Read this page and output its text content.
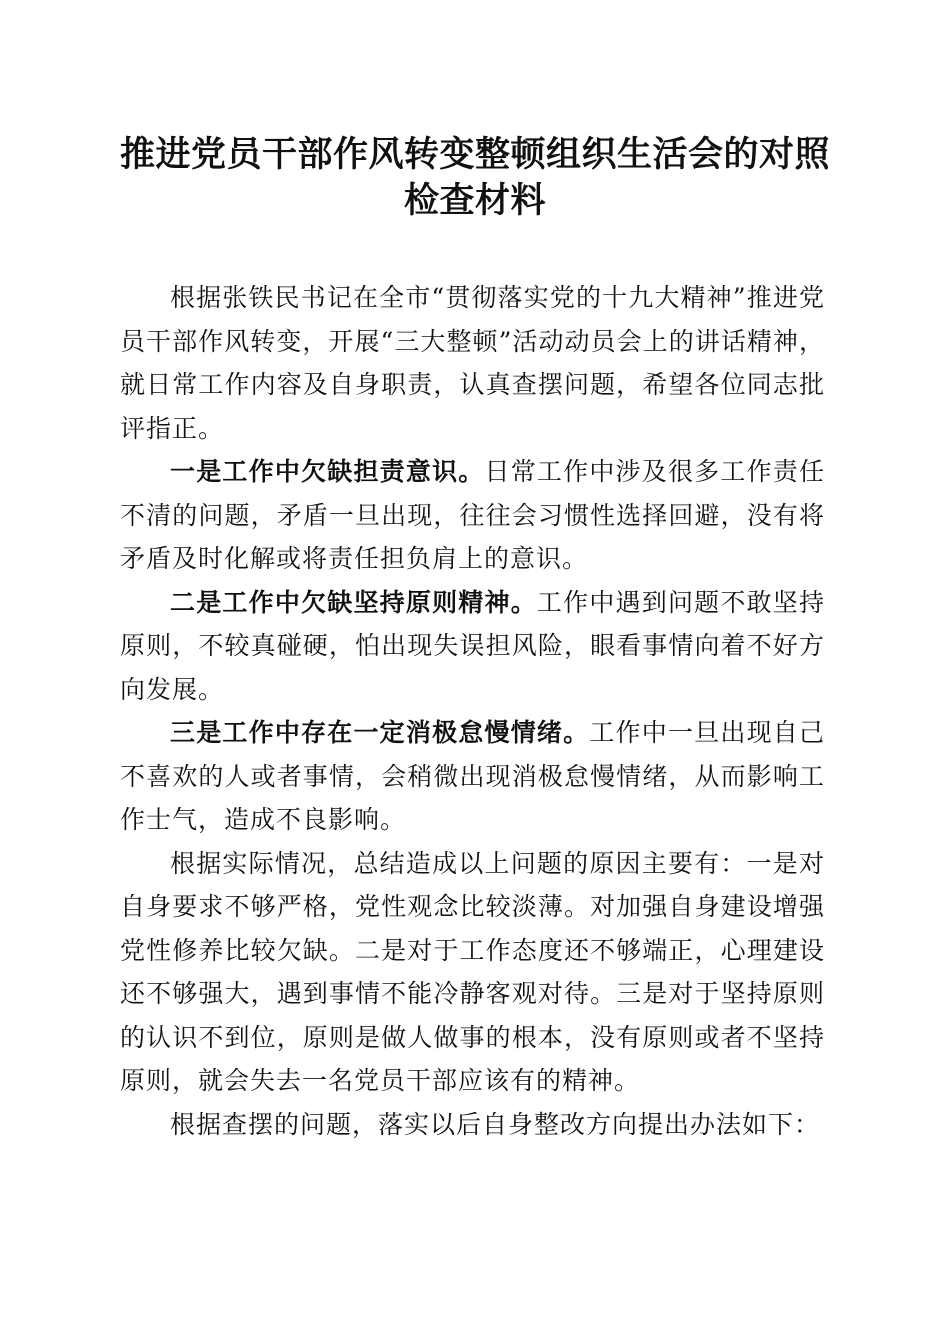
推进党员干部作风转变整顿组织生活会的对照
检查材料

根据张铁民书记在全市“贯彻落实党的十九大精神”推进党员干部作风转变，开展“三大整顿”活动动员会上的讲话精神，就日常工作内容及自身职责，认真查摆问题，希望各位同志批评指正。

一是工作中欠缺担责意识。日常工作中涉及很多工作责任不清的问题，矛盾一旦出现，往往会习惯性选择回避，没有将矛盾及时化解或将责任担负肩上的意识。

二是工作中欠缺坚持原则精神。工作中遇到问题不敢坚持原则，不较真碰硬，怕出现失误担风险，眼看事情向着不好方向发展。

三是工作中存在一定消极怠慢情绪。工作中一旦出现自己不喜欢的人或者事情，会稍微出现消极怠慢情绪，从而影响工作士气，造成不良影响。

根据实际情况，总结造成以上问题的原因主要有：一是对自身要求不够严格，党性观念比较淡薄。对加强自身建设增强党性修养比较欠缺。二是对于工作态度还不够端正，心理建设还不够强大，遇到事情不能冷静客观对待。三是对于坚持原则的认识不到位，原则是做人做事的根本，没有原则或者不坚持原则，就会失去一名党员干部应该有的精神。

根据查摆的问题，落实以后自身整改方向提出办法如下：
